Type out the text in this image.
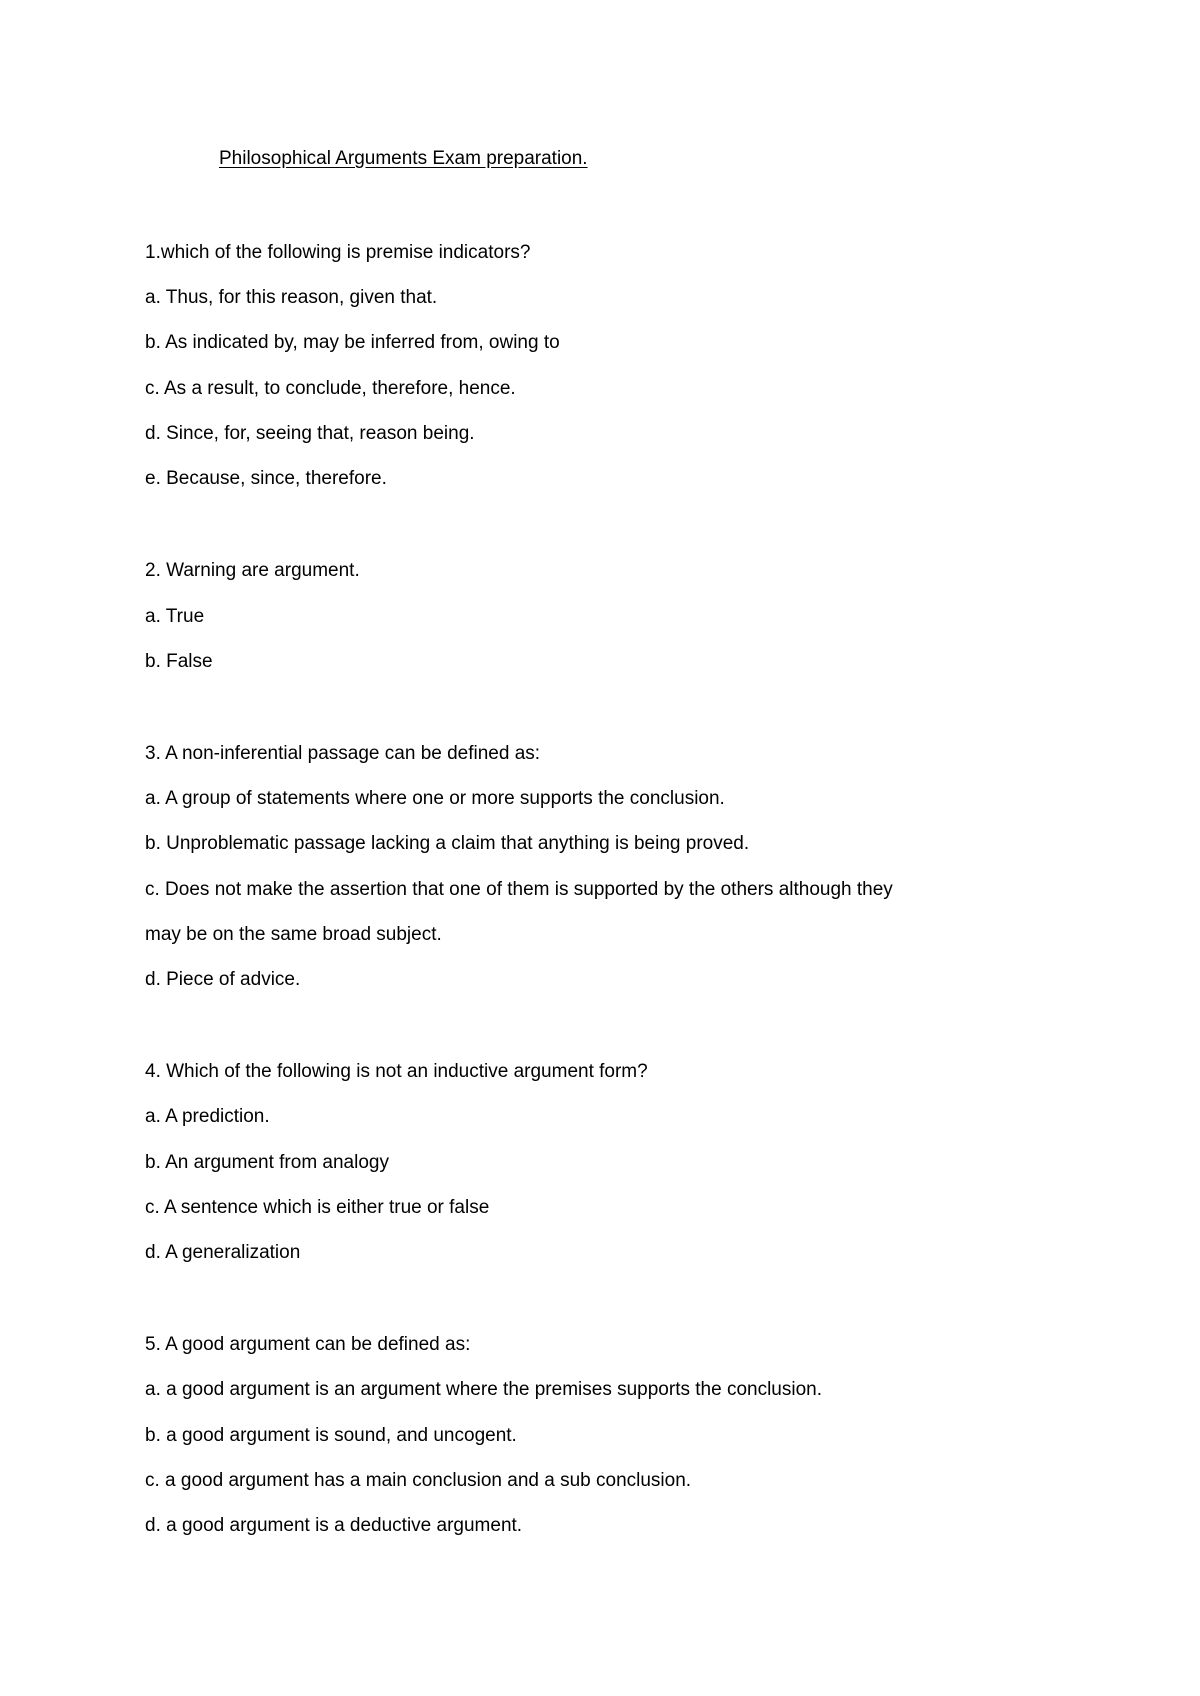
Philosophical Arguments Exam preparation.
1.which of the following is premise indicators?
a. Thus, for this reason, given that.
b. As indicated by, may be inferred from, owing to
c. As a result, to conclude, therefore, hence.
d. Since, for, seeing that, reason being.
e. Because, since, therefore.
2. Warning are argument.
a. True
b. False
3. A non-inferential passage can be defined as:
a. A group of statements where one or more supports the conclusion.
b. Unproblematic passage lacking a claim that anything is being proved.
c. Does not make the assertion that one of them is supported by the others although they
may be on the same broad subject.
d. Piece of advice.
4. Which of the following is not an inductive argument form?
a. A prediction.
b. An argument from analogy
c. A sentence which is either true or false
d. A generalization
5. A good argument can be defined as:
a. a good argument is an argument where the premises supports the conclusion.
b. a good argument is sound, and uncogent.
c. a good argument has a main conclusion and a sub conclusion.
d. a good argument is a deductive argument.
